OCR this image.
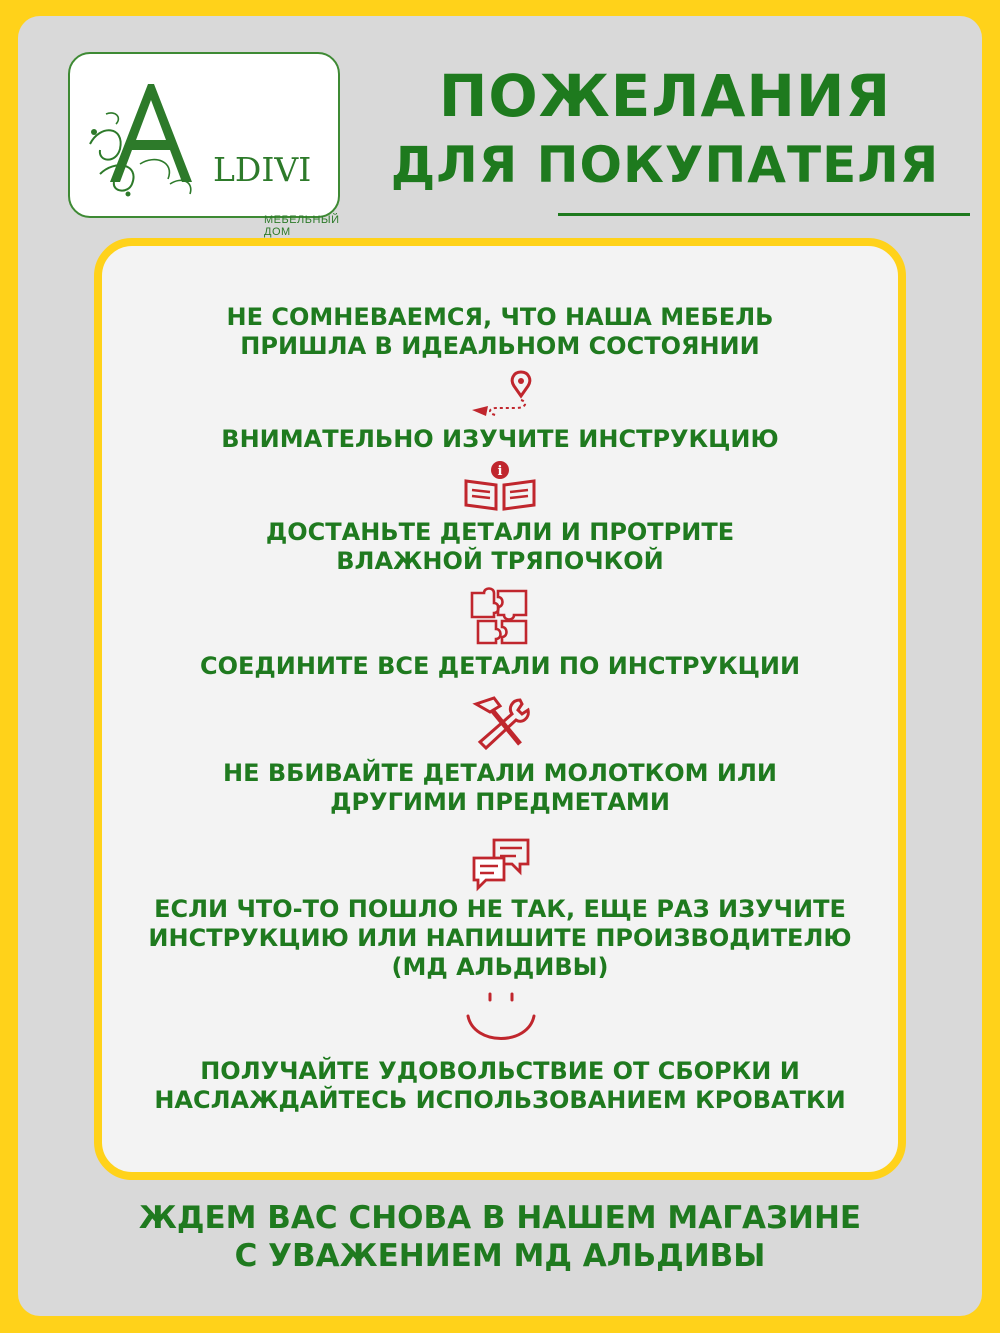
LDIVI
МЕБЕЛЬНЫЙ ДОМ
ПОЖЕЛАНИЯ
ДЛЯ ПОКУПАТЕЛЯ
НЕ СОМНЕВАЕМСЯ, ЧТО НАША МЕБЕЛЬ
ПРИШЛА В ИДЕАЛЬНОМ СОСТОЯНИИ
ВНИМАТЕЛЬНО ИЗУЧИТЕ ИНСТРУКЦИЮ
i
ДОСТАНЬТЕ ДЕТАЛИ И ПРОТРИТЕ
ВЛАЖНОЙ ТРЯПОЧКОЙ
СОЕДИНИТЕ ВСЕ ДЕТАЛИ ПО ИНСТРУКЦИИ
НЕ ВБИВАЙТЕ ДЕТАЛИ МОЛОТКОМ ИЛИ
ДРУГИМИ ПРЕДМЕТАМИ
ЕСЛИ ЧТО-ТО ПОШЛО НЕ ТАК, ЕЩЕ РАЗ ИЗУЧИТЕ
ИНСТРУКЦИЮ ИЛИ НАПИШИТЕ ПРОИЗВОДИТЕЛЮ
(МД АЛЬДИВЫ)
ПОЛУЧАЙТЕ УДОВОЛЬСТВИЕ ОТ СБОРКИ И
НАСЛАЖДАЙТЕСЬ ИСПОЛЬЗОВАНИЕМ КРОВАТКИ
ЖДЕМ ВАС СНОВА В НАШЕМ МАГАЗИНЕ
С УВАЖЕНИЕМ МД АЛЬДИВЫ
